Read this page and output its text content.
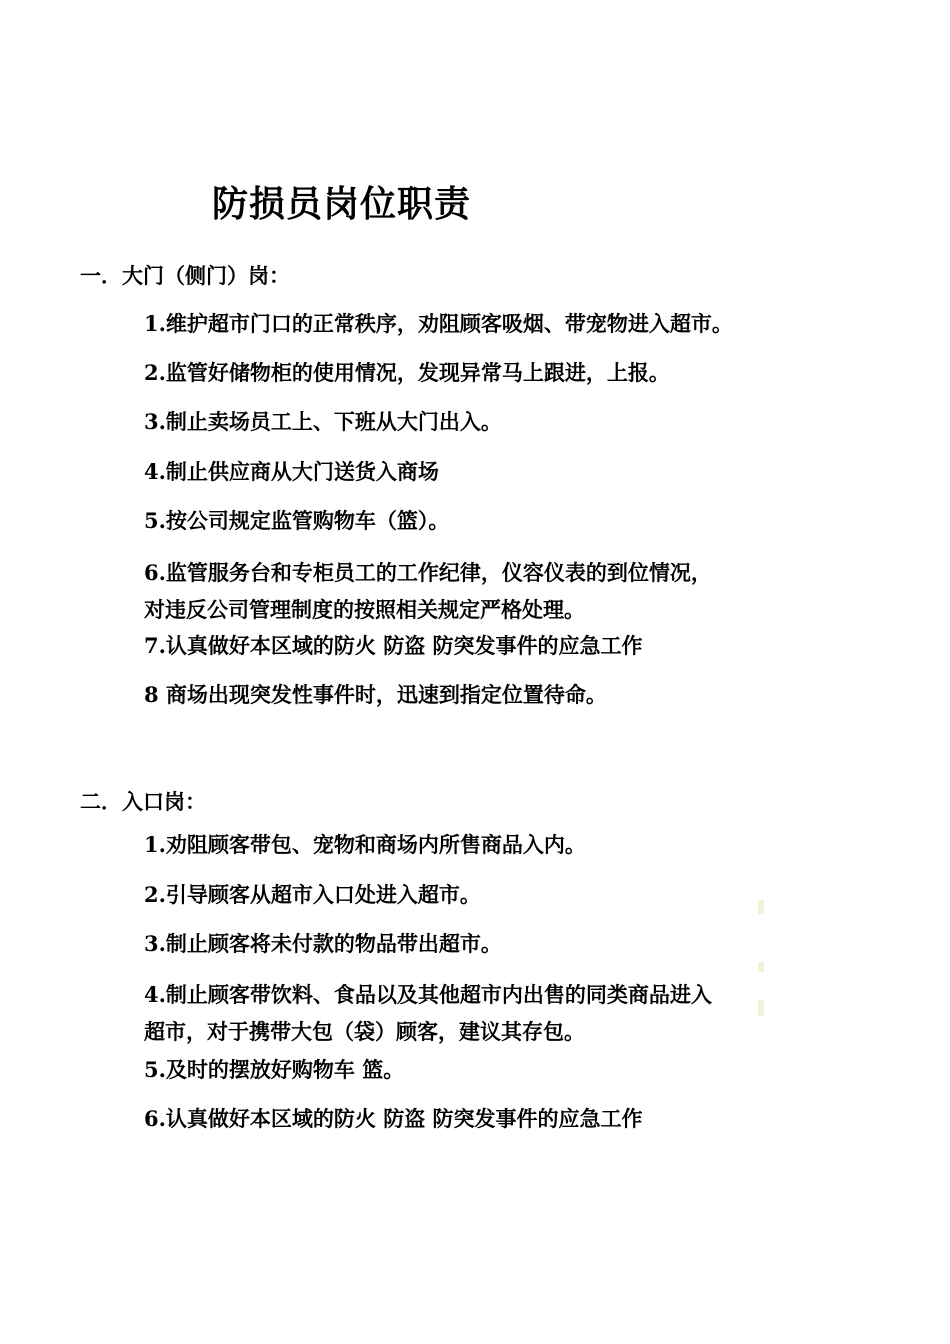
防损员岗位职责
一．大门（侧门）岗：
1.维护超市门口的正常秩序，劝阻顾客吸烟、带宠物进入超市。
2.监管好储物柜的使用情况，发现异常马上跟进，上报。
3.制止卖场员工上、下班从大门出入。
4.制止供应商从大门送货入商场
5.按公司规定监管购物车（篮）。
6.监管服务台和专柜员工的工作纪律，仪容仪表的到位情况，
对违反公司管理制度的按照相关规定严格处理。
7.认真做好本区域的防火 防盗 防突发事件的应急工作
8 商场出现突发性事件时，迅速到指定位置待命。
二．入口岗：
1.劝阻顾客带包、宠物和商场内所售商品入内。
2.引导顾客从超市入口处进入超市。
3.制止顾客将未付款的物品带出超市。
4.制止顾客带饮料、食品以及其他超市内出售的同类商品进入
超市，对于携带大包（袋）顾客，建议其存包。
5.及时的摆放好购物车 篮。
6.认真做好本区域的防火 防盗 防突发事件的应急工作
